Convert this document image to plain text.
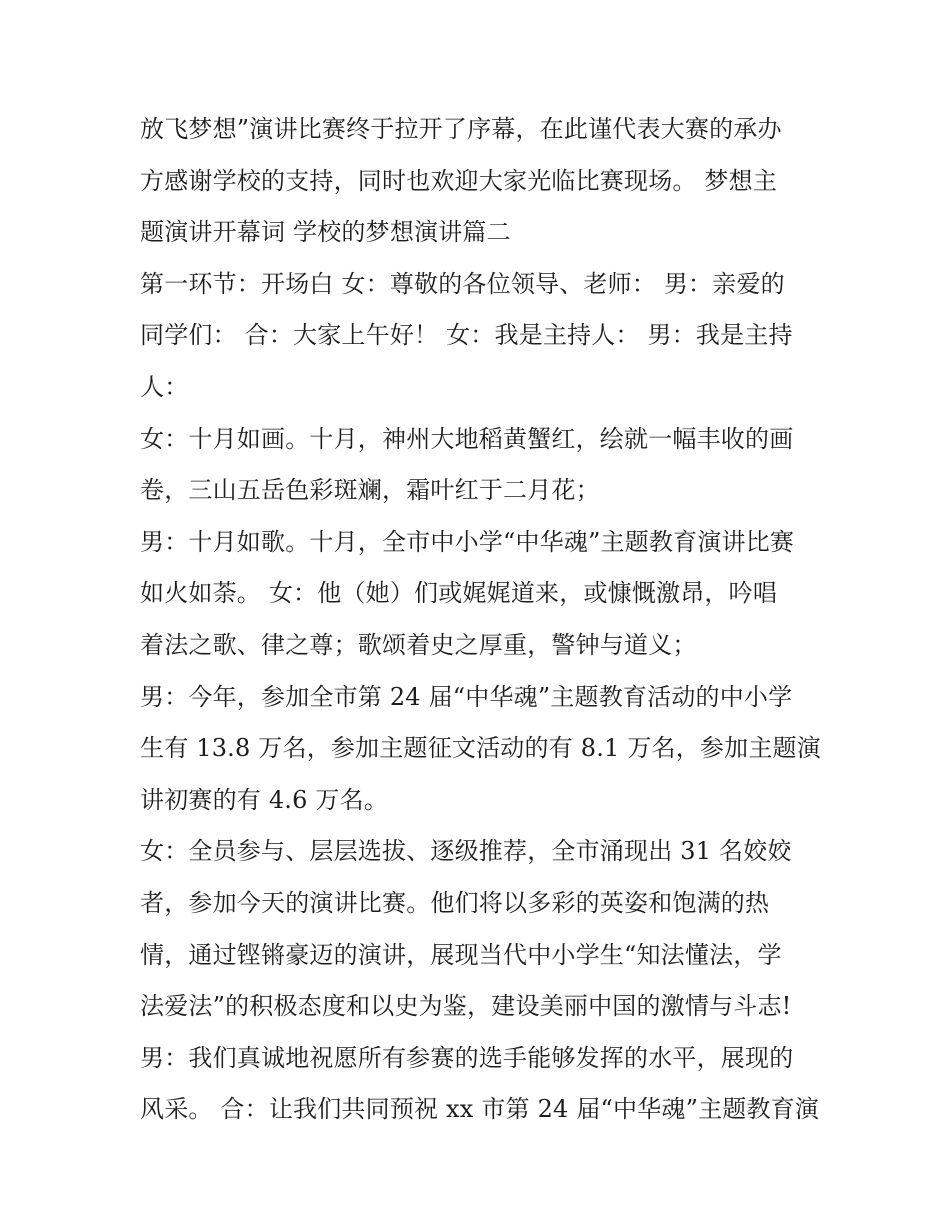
放飞梦想”演讲比赛终于拉开了序幕，在此谨代表大赛的承办
方感谢学校的支持，同时也欢迎大家光临比赛现场。 梦想主
题演讲开幕词 学校的梦想演讲篇二
第一环节：开场白 女：尊敬的各位领导、老师： 男：亲爱的
同学们： 合：大家上午好！ 女：我是主持人： 男：我是主持
人：
女：十月如画。十月，神州大地稻黄蟹红，绘就一幅丰收的画
卷，三山五岳色彩斑斓，霜叶红于二月花；
男：十月如歌。十月，全市中小学“中华魂”主题教育演讲比赛
如火如荼。 女：他（她）们或娓娓道来，或慷慨激昂，吟唱
着法之歌、律之尊；歌颂着史之厚重，警钟与道义；
男：今年，参加全市第 24 届“中华魂”主题教育活动的中小学
生有 13.8 万名，参加主题征文活动的有 8.1 万名，参加主题演
讲初赛的有 4.6 万名。
女：全员参与、层层选拔、逐级推荐，全市涌现出 31 名姣姣
者，参加今天的演讲比赛。他们将以多彩的英姿和饱满的热
情，通过铿锵豪迈的演讲，展现当代中小学生“知法懂法，学
法爱法”的积极态度和以史为鉴，建设美丽中国的激情与斗志!
男：我们真诚地祝愿所有参赛的选手能够发挥的水平，展现的
风采。 合：让我们共同预祝 xx 市第 24 届“中华魂”主题教育演
